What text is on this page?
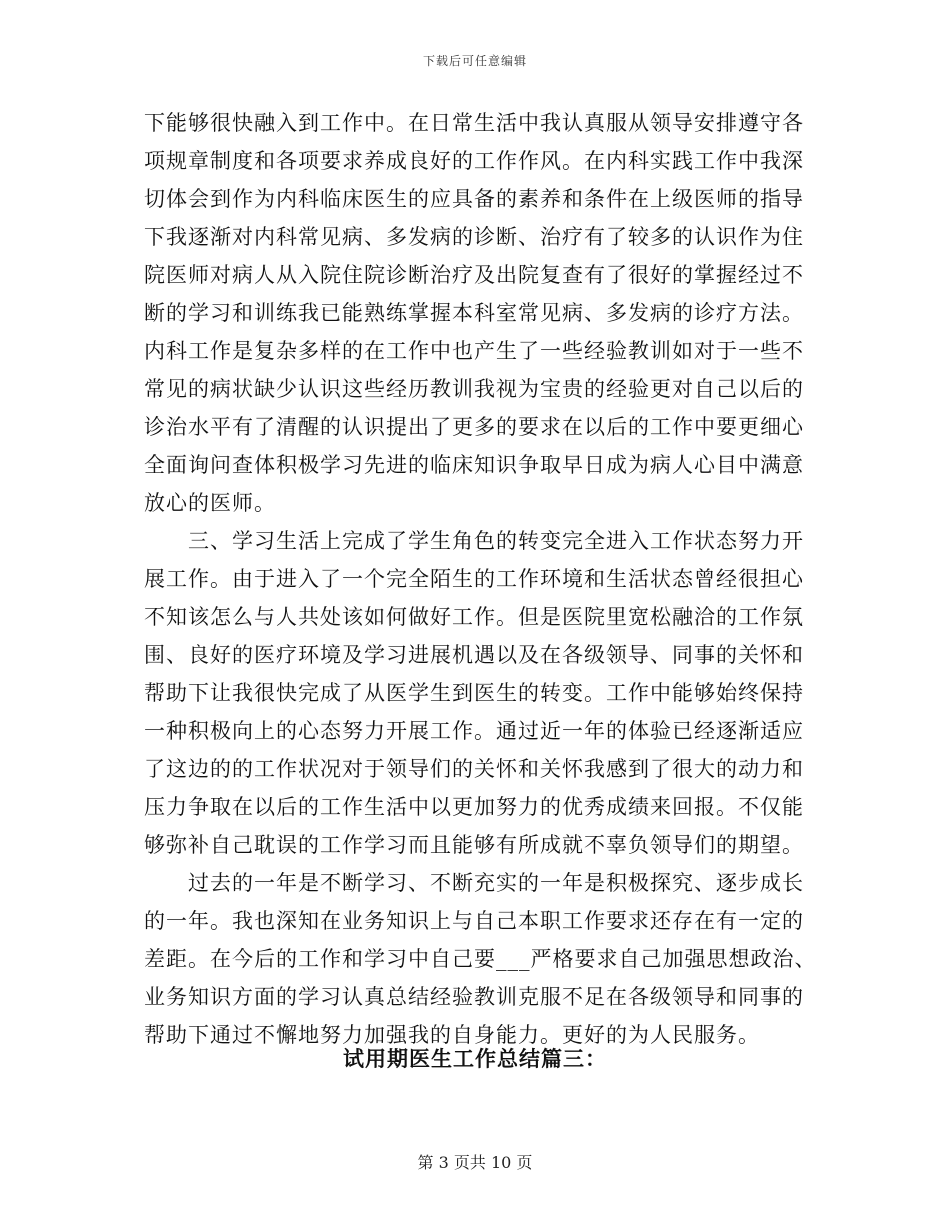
下载后可任意编辑
下能够很快融入到工作中。在日常生活中我认真服从领导安排遵守各
项规章制度和各项要求养成良好的工作作风。在内科实践工作中我深
切体会到作为内科临床医生的应具备的素养和条件在上级医师的指导
下我逐渐对内科常见病、多发病的诊断、治疗有了较多的认识作为住
院医师对病人从入院住院诊断治疗及出院复查有了很好的掌握经过不
断的学习和训练我已能熟练掌握本科室常见病、多发病的诊疗方法。
内科工作是复杂多样的在工作中也产生了一些经验教训如对于一些不
常见的病状缺少认识这些经历教训我视为宝贵的经验更对自己以后的
诊治水平有了清醒的认识提出了更多的要求在以后的工作中要更细心
全面询问查体积极学习先进的临床知识争取早日成为病人心目中满意
放心的医师。
　　三、学习生活上完成了学生角色的转变完全进入工作状态努力开
展工作。由于进入了一个完全陌生的工作环境和生活状态曾经很担心
不知该怎么与人共处该如何做好工作。但是医院里宽松融洽的工作氛
围、良好的医疗环境及学习进展机遇以及在各级领导、同事的关怀和
帮助下让我很快完成了从医学生到医生的转变。工作中能够始终保持
一种积极向上的心态努力开展工作。通过近一年的体验已经逐渐适应
了这边的的工作状况对于领导们的关怀和关怀我感到了很大的动力和
压力争取在以后的工作生活中以更加努力的优秀成绩来回报。不仅能
够弥补自己耽误的工作学习而且能够有所成就不辜负领导们的期望。
　　过去的一年是不断学习、不断充实的一年是积极探究、逐步成长
的一年。我也深知在业务知识上与自己本职工作要求还存在有一定的
差距。在今后的工作和学习中自己要___严格要求自己加强思想政治、
业务知识方面的学习认真总结经验教训克服不足在各级领导和同事的
帮助下通过不懈地努力加强我的自身能力。更好的为人民服务。
试用期医生工作总结篇三：
第 3 页共 10 页
